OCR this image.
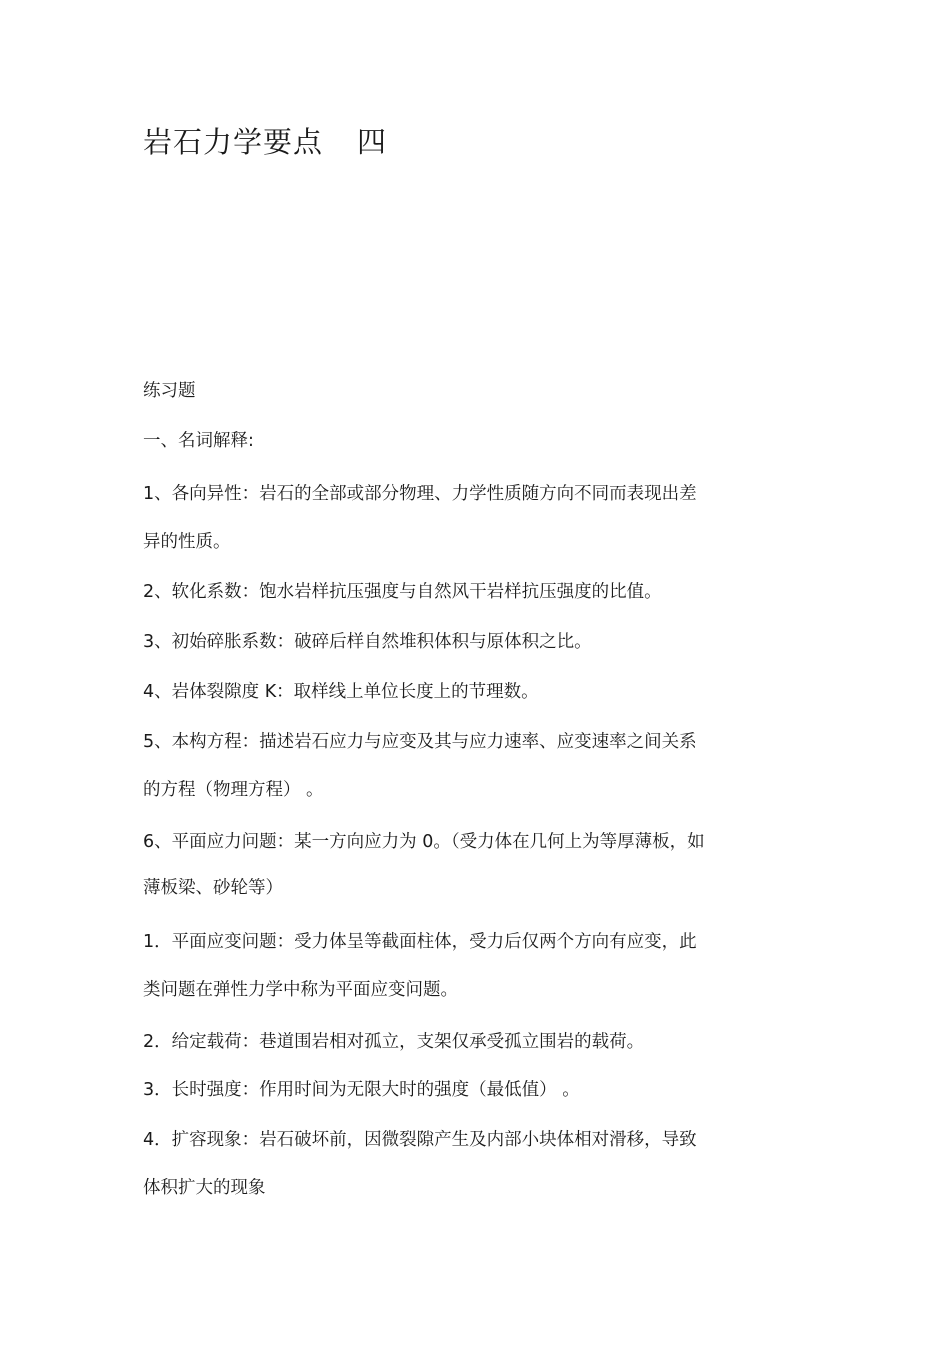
岩石力学要点 四
练习题
一、名词解释:
1、各向异性：岩石的全部或部分物理、力学性质随方向不同而表现出差
异的性质。
2、软化系数：饱水岩样抗压强度与自然风干岩样抗压强度的比值。
3、初始碎胀系数：破碎后样自然堆积体积与原体积之比。
4、岩体裂隙度 K：取样线上单位长度上的节理数。
5、本构方程：描述岩石应力与应变及其与应力速率、应变速率之间关系
的方程（物理方程） 。
6、平面应力问题：某一方向应力为 0。（受力体在几何上为等厚薄板，如
薄板梁、砂轮等）
1．平面应变问题：受力体呈等截面柱体，受力后仅两个方向有应变，此
类问题在弹性力学中称为平面应变问题。
2．给定载荷：巷道围岩相对孤立，支架仅承受孤立围岩的载荷。
3．长时强度：作用时间为无限大时的强度（最低值） 。
4．扩容现象：岩石破坏前，因微裂隙产生及内部小块体相对滑移，导致
体积扩大的现象
